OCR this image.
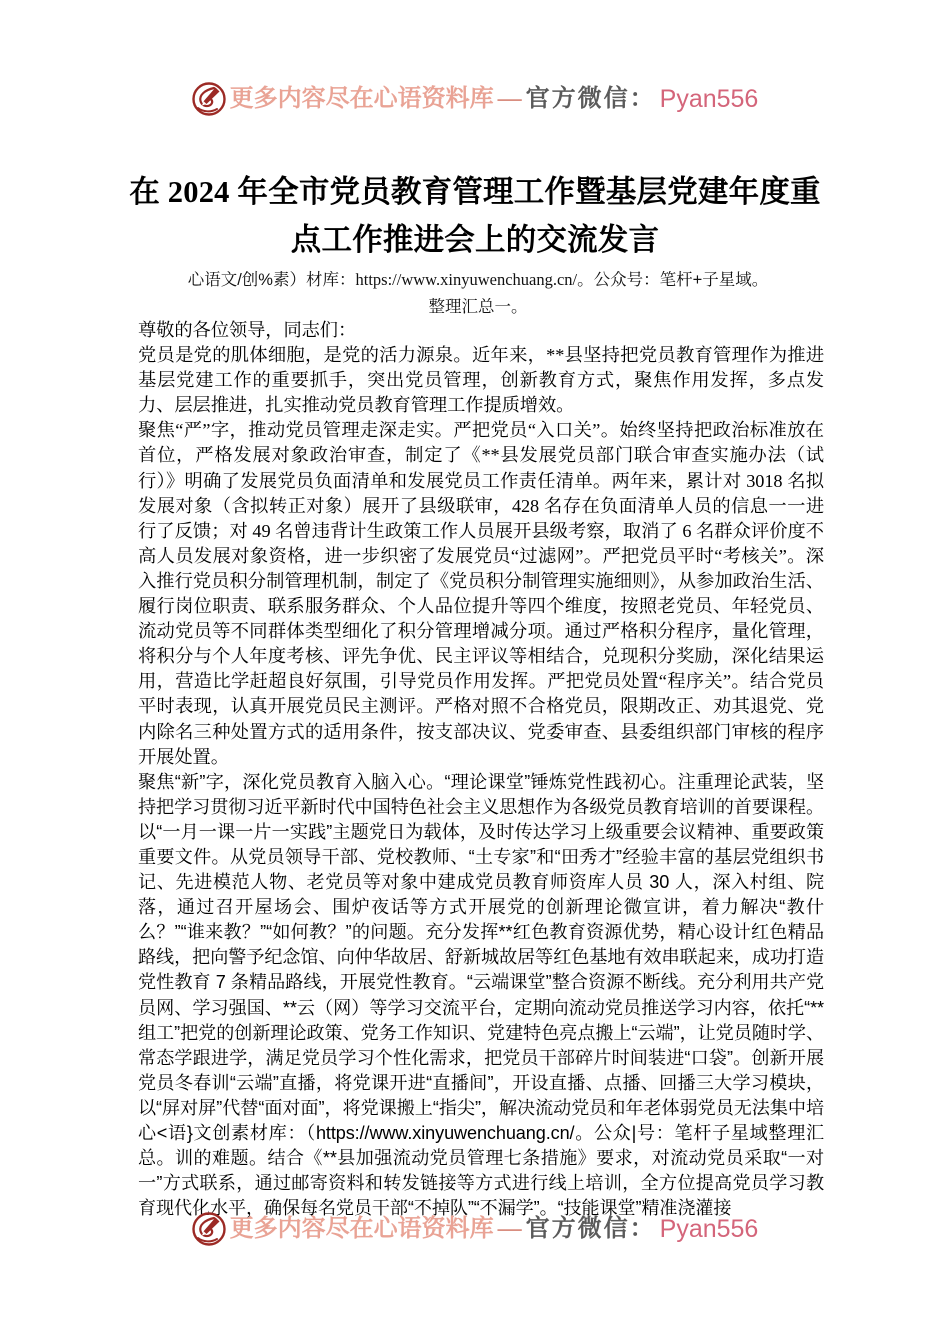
更多内容尽在心语资料库 — 官方微信： Pyan556
在 2024 年全市党员教育管理工作暨基层党建年度重
点工作推进会上的交流发言
心语文/创%素）材库：https://www.xinyuwenchuang.cn/。公众号：笔杆+子星域。
整理汇总一。

尊敬的各位领导，同志们：

党员是党的肌体细胞，是党的活力源泉。近年来，**县坚持把党员教育管理作为推进基层党建工作的重要抓手，突出党员管理，创新教育方式，聚焦作用发挥，多点发力、层层推进，扎实推动党员教育管理工作提质增效。

聚焦“严”字，推动党员管理走深走实。严把党员“入口关”。始终坚持把政治标准放在首位，严格发展对象政治审查，制定了《**县发展党员部门联合审查实施办法（试行）》明确了发展党员负面清单和发展党员工作责任清单。两年来，累计对 3018 名拟发展对象（含拟转正对象）展开了县级联审，428 名存在负面清单人员的信息一一进行了反馈；对 49 名曾违背计生政策工作人员展开县级考察，取消了 6 名群众评价度不高人员发展对象资格，进一步织密了发展党员“过滤网”。严把党员平时“考核关”。深入推行党员积分制管理机制，制定了《党员积分制管理实施细则》，从参加政治生活、履行岗位职责、联系服务群众、个人品位提升等四个维度，按照老党员、年轻党员、流动党员等不同群体类型细化了积分管理增减分项。通过严格积分程序，量化管理，将积分与个人年度考核、评先争优、民主评议等相结合，兑现积分奖励，深化结果运用，营造比学赶超良好氛围，引导党员作用发挥。严把党员处置“程序关”。结合党员平时表现，认真开展党员民主测评。严格对照不合格党员，限期改正、劝其退党、党内除名三种处置方式的适用条件，按支部决议、党委审查、县委组织部门审核的程序开展处置。

聚焦“新”字，深化党员教育入脑入心。“理论课堂”锤炼党性践初心。注重理论武装，坚持把学习贯彻习近平新时代中国特色社会主义思想作为各级党员教育培训的首要课程。以“一月一课一片一实践”主题党日为载体，及时传达学习上级重要会议精神、重要政策重要文件。从党员领导干部、党校教师、“土专家”和“田秀才”经验丰富的基层党组织书记、先进模范人物、老党员等对象中建成党员教育师资库人员 30 人，深入村组、院落，通过召开屋场会、围炉夜话等方式开展党的创新理论微宣讲，着力解决“教什么？”“谁来教？”“如何教？”的问题。充分发挥**红色教育资源优势，精心设计红色精品路线，把向警予纪念馆、向仲华故居、舒新城故居等红色基地有效串联起来，成功打造党性教育 7 条精品路线，开展党性教育。“云端课堂”整合资源不断线。充分利用共产党员网、学习强国、**云（网）等学习交流平台，定期向流动党员推送学习内容，依托“**组工”把党的创新理论政策、党务工作知识、党建特色亮点搬上“云端”，让党员随时学、常态学跟进学，满足党员学习个性化需求，把党员干部碎片时间装进“口袋”。创新开展党员冬春训“云端”直播，将党课开进“直播间”，开设直播、点播、回播三大学习模块，以“屏对屏”代替“面对面”，将党课搬上“指尖”，解决流动党员和年老体弱党员无法集中培心<语}文创素材库：（https://www.xinyuwenchuang.cn/。公众|号：笔杆子星域整理汇总。训的难题。结合《**县加强流动党员管理七条措施》要求，对流动党员采取“一对一”方式联系，通过邮寄资料和转发链接等方式进行线上培训，全方位提高党员学习教育现代化水平，确保每名党员干部“不掉队”“不漏学”。“技能课堂”精准浇灌接

更多内容尽在心语资料库 — 官方微信： Pyan556
